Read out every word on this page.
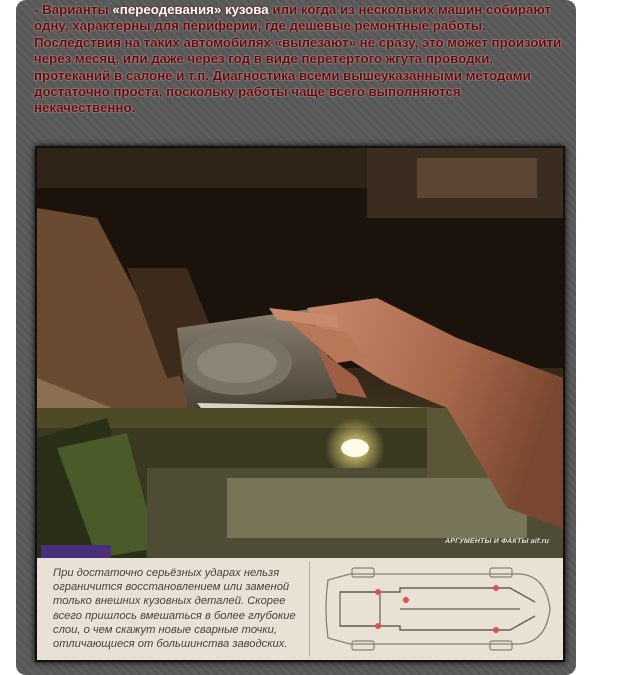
- Варианты «переодевания» кузова или когда из нескольких машин собирают одну, характерны для периферии, где дешевые ремонтные работы. Последствия на таких автомобилях «вылезают» не сразу, это может произойти через месяц, или даже через год в виде перетёртого жгута проводки, протеканий в салоне и т.п. Диагностика всеми вышеуказанными методами достаточно проста, поскольку работы чаще всего выполняются некачественно.
АРГУМЕНТЫ И ФАКТЫ aif.ru
При достаточно серьёзных ударах нельзя ограничится восстановлением или заменой только внешних кузовных деталей. Скорее всего пришлось вмешаться в более глубокие слои, о чем скажут новые сварные точки, отличающиеся от большинства заводских.
